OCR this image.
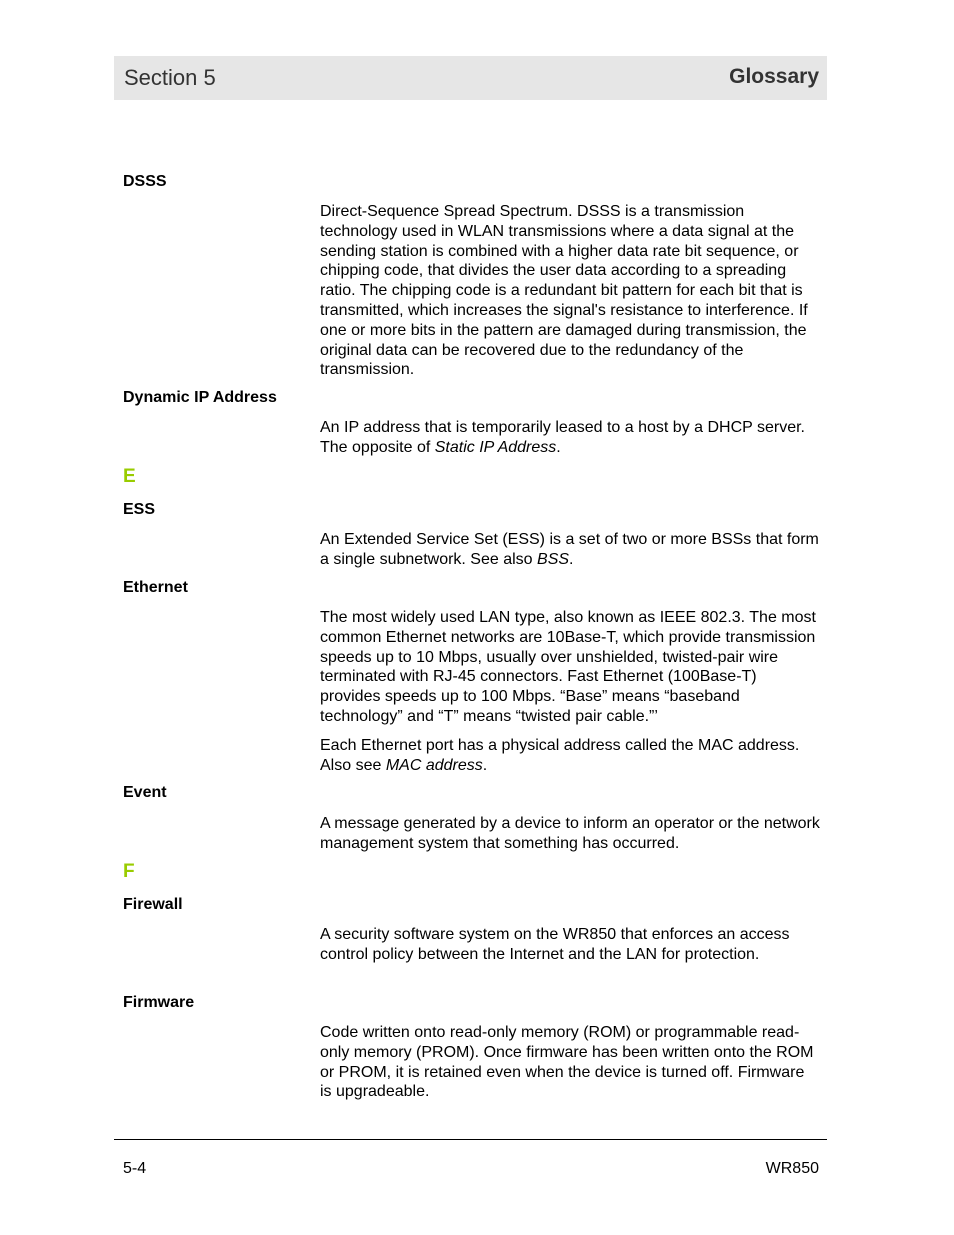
Section 5	Glossary
DSSS

Direct-Sequence Spread Spectrum. DSSS is a transmission technology used in WLAN transmissions where a data signal at the sending station is combined with a higher data rate bit sequence, or chipping code, that divides the user data according to a spreading ratio. The chipping code is a redundant bit pattern for each bit that is transmitted, which increases the signal's resistance to interference. If one or more bits in the pattern are damaged during transmission, the original data can be recovered due to the redundancy of the transmission.

Dynamic IP Address

An IP address that is temporarily leased to a host by a DHCP server. The opposite of Static IP Address.

E
ESS

An Extended Service Set (ESS) is a set of two or more BSSs that form a single subnetwork. See also BSS.

Ethernet

The most widely used LAN type, also known as IEEE 802.3. The most common Ethernet networks are 10Base-T, which provide transmission speeds up to 10 Mbps, usually over unshielded, twisted-pair wire terminated with RJ-45 connectors. Fast Ethernet (100Base-T) provides speeds up to 100 Mbps. “Base” means “baseband technology” and “T” means “twisted pair cable.”’

Each Ethernet port has a physical address called the MAC address. Also see MAC address.

Event

A message generated by a device to inform an operator or the network management system that something has occurred.

F
Firewall

A security software system on the WR850 that enforces an access control policy between the Internet and the LAN for protection.

Firmware

Code written onto read-only memory (ROM) or programmable read-only memory (PROM). Once firmware has been written onto the ROM or PROM, it is retained even when the device is turned off. Firmware is upgradeable.

5-4	WR850
